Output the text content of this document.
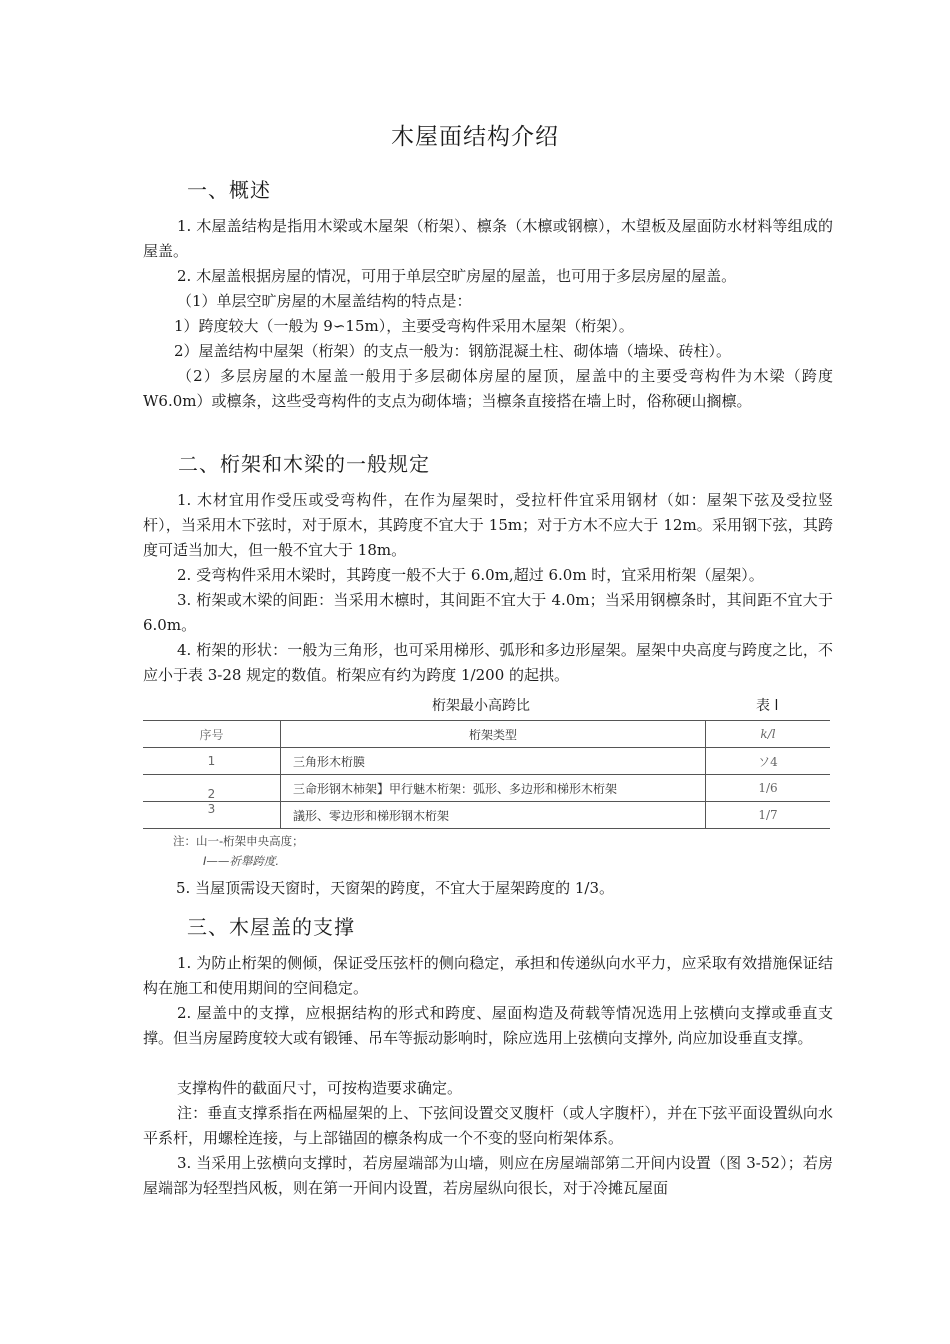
木屋面结构介绍
一、概述
1. 木屋盖结构是指用木梁或木屋架（桁架）、檩条（木檩或钢檩），木望板及屋面防水材料等组成的屋盖。
2. 木屋盖根据房屋的情况，可用于单层空旷房屋的屋盖，也可用于多层房屋的屋盖。
（1）单层空旷房屋的木屋盖结构的特点是：
1）跨度较大（一般为 9∽15m），主要受弯构件采用木屋架（桁架）。
2）屋盖结构中屋架（桁架）的支点一般为：钢筋混凝土柱、砌体墙（墙垛、砖柱）。
（2）多层房屋的木屋盖一般用于多层砌体房屋的屋顶，屋盖中的主要受弯构件为木梁（跨度 W6.0m）或檩条，这些受弯构件的支点为砌体墙；当檩条直接搭在墙上时，俗称硬山搁檩。
二、桁架和木梁的一般规定
1. 木材宜用作受压或受弯构件，在作为屋架时，受拉杆件宜采用钢材（如：屋架下弦及受拉竖杆），当采用木下弦时，对于原木，其跨度不宜大于 15m；对于方木不应大于 12m。采用钢下弦，其跨度可适当加大，但一般不宜大于 18m。
2. 受弯构件采用木梁时，其跨度一般不大于 6.0m,超过 6.0m 时，宜采用桁架（屋架）。
3. 桁架或木梁的间距：当采用木檩时，其间距不宜大于 4.0m；当采用钢檩条时，其间距不宜大于 6.0m。
4. 桁架的形状：一般为三角形，也可采用梯形、弧形和多边形屋架。屋架中央高度与跨度之比，不应小于表 3-28 规定的数值。桁架应有约为跨度 1/200 的起拱。
桁架最小高跨比	表 l
序号	桁架类型	k/l
1	三角形木桁膜	ソ4
2	三命形钢木柿架】甲行魅木桁架：弧形、多边形和梯形木桁架	1/6
3	議形、零边形和梯形钢木桁架	1/7
注：山一-桁架申央高度；
I——祈舉跨度.
5. 当屋顶需设天窗时，天窗架的跨度，不宜大于屋架跨度的 1/3。
三、木屋盖的支撑
1. 为防止桁架的侧倾，保证受压弦杆的侧向稳定，承担和传递纵向水平力，应采取有效措施保证结构在施工和使用期间的空间稳定。
2. 屋盖中的支撑，应根据结构的形式和跨度、屋面构造及荷载等情况选用上弦横向支撑或垂直支撑。但当房屋跨度较大或有锻锤、吊车等振动影响时，除应选用上弦横向支撑外, 尚应加设垂直支撑。
支撑构件的截面尺寸，可按构造要求确定。
注：垂直支撑系指在两榀屋架的上、下弦间设置交叉腹杆（或人字腹杆），并在下弦平面设置纵向水平系杆，用螺栓连接，与上部锚固的檩条构成一个不变的竖向桁架体系。
3. 当采用上弦横向支撑时，若房屋端部为山墙，则应在房屋端部第二开间内设置（图 3-52）；若房屋端部为轻型挡风板，则在第一开间内设置，若房屋纵向很长，对于冷摊瓦屋面
